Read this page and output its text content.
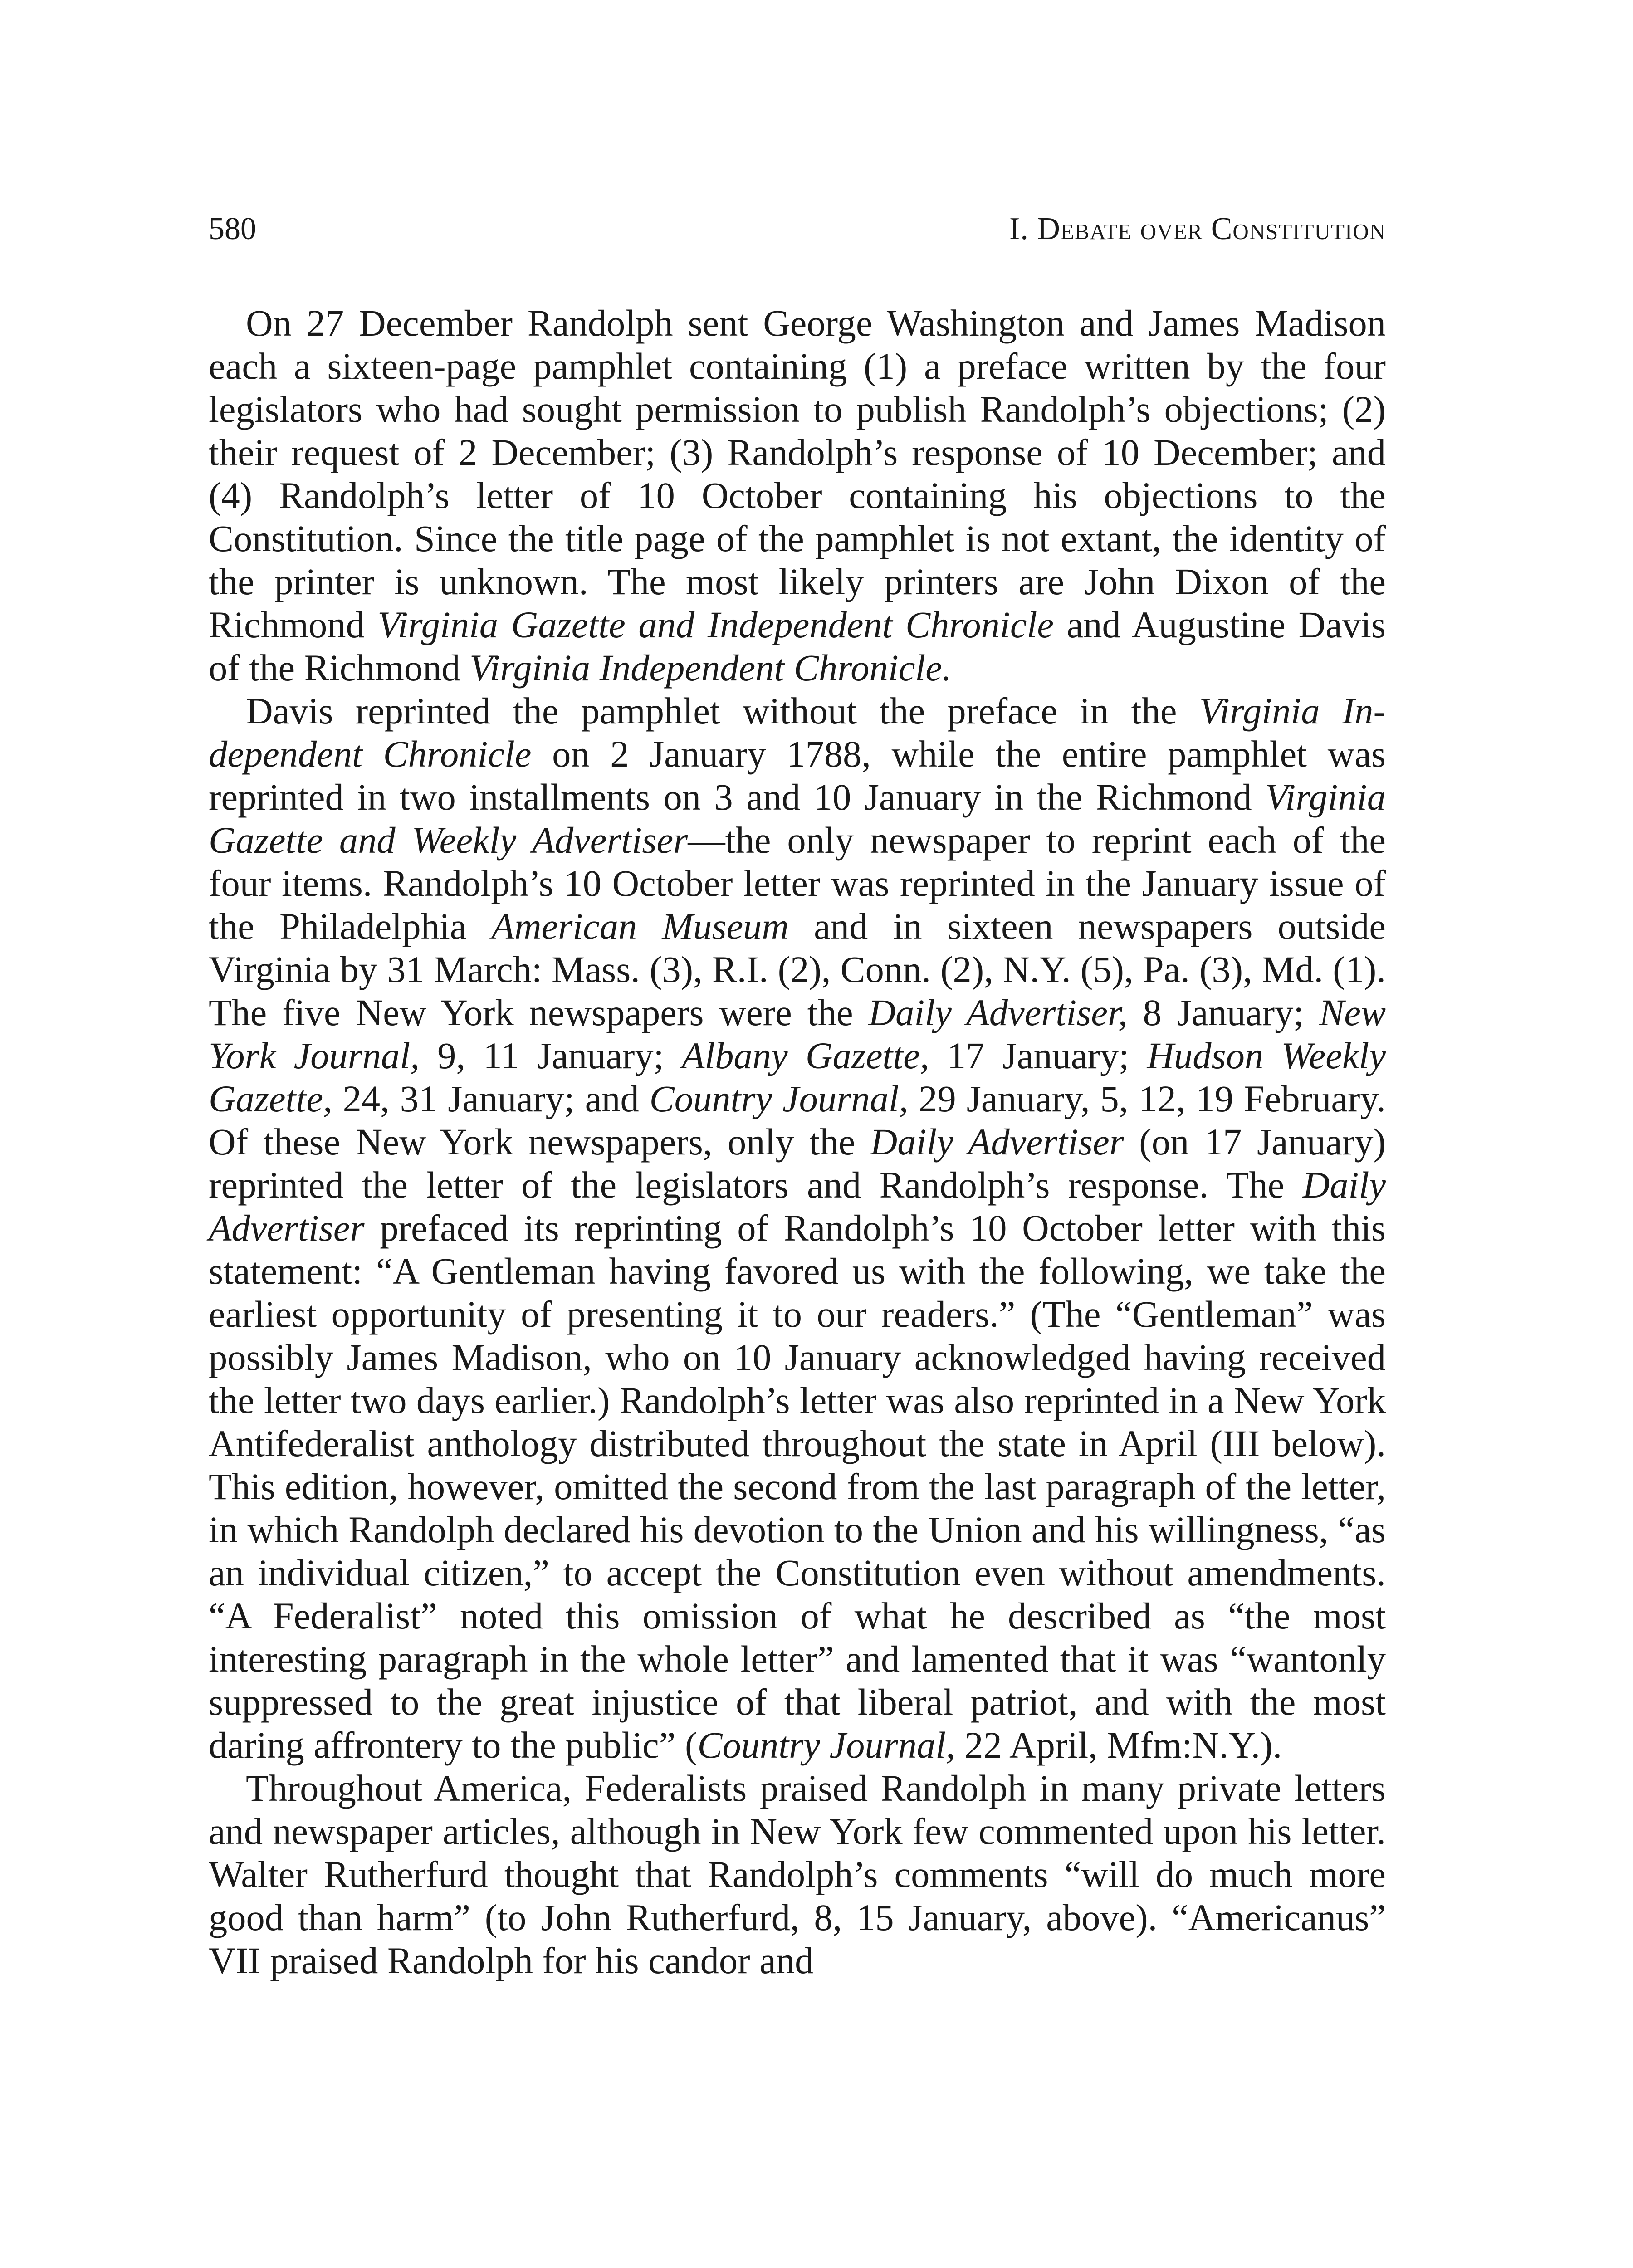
580	I. Debate over Constitution

On 27 December Randolph sent George Washington and James Madison each a sixteen-page pamphlet containing (1) a preface written by the four legislators who had sought permission to publish Randolph’s objections; (2) their request of 2 December; (3) Randolph’s response of 10 December; and (4) Randolph’s letter of 10 October containing his objections to the Constitution. Since the title page of the pamphlet is not extant, the identity of the printer is unknown. The most likely printers are John Dixon of the Richmond Virginia Gazette and Independent Chronicle and Augustine Davis of the Richmond Virginia Independent Chronicle.

Davis reprinted the pamphlet without the preface in the Virginia Independent Chronicle on 2 January 1788, while the entire pamphlet was reprinted in two installments on 3 and 10 January in the Richmond Virginia Gazette and Weekly Advertiser—the only newspaper to reprint each of the four items. Randolph’s 10 October letter was reprinted in the January issue of the Philadelphia American Museum and in sixteen newspapers outside Virginia by 31 March: Mass. (3), R.I. (2), Conn. (2), N.Y. (5), Pa. (3), Md. (1). The five New York newspapers were the Daily Advertiser, 8 January; New York Journal, 9, 11 January; Albany Gazette, 17 January; Hudson Weekly Gazette, 24, 31 January; and Country Journal, 29 January, 5, 12, 19 February. Of these New York newspapers, only the Daily Advertiser (on 17 January) reprinted the letter of the legislators and Randolph’s response. The Daily Advertiser prefaced its reprinting of Randolph’s 10 October letter with this statement: “A Gentleman having favored us with the following, we take the earliest opportunity of presenting it to our readers.” (The “Gentleman” was possibly James Madison, who on 10 January acknowledged having received the letter two days earlier.) Randolph’s letter was also reprinted in a New York Antifederalist anthology distributed throughout the state in April (III below). This edition, however, omitted the second from the last paragraph of the letter, in which Randolph declared his devotion to the Union and his willingness, “as an individual citizen,” to accept the Constitution even without amendments. “A Federalist” noted this omission of what he described as “the most interesting paragraph in the whole letter” and lamented that it was “wantonly suppressed to the great injustice of that liberal patriot, and with the most daring affrontery to the public” (Country Journal, 22 April, Mfm:N.Y.).

Throughout America, Federalists praised Randolph in many private letters and newspaper articles, although in New York few commented upon his letter. Walter Rutherfurd thought that Randolph’s comments “will do much more good than harm” (to John Rutherfurd, 8, 15 January, above). “Americanus” VII praised Randolph for his candor and
